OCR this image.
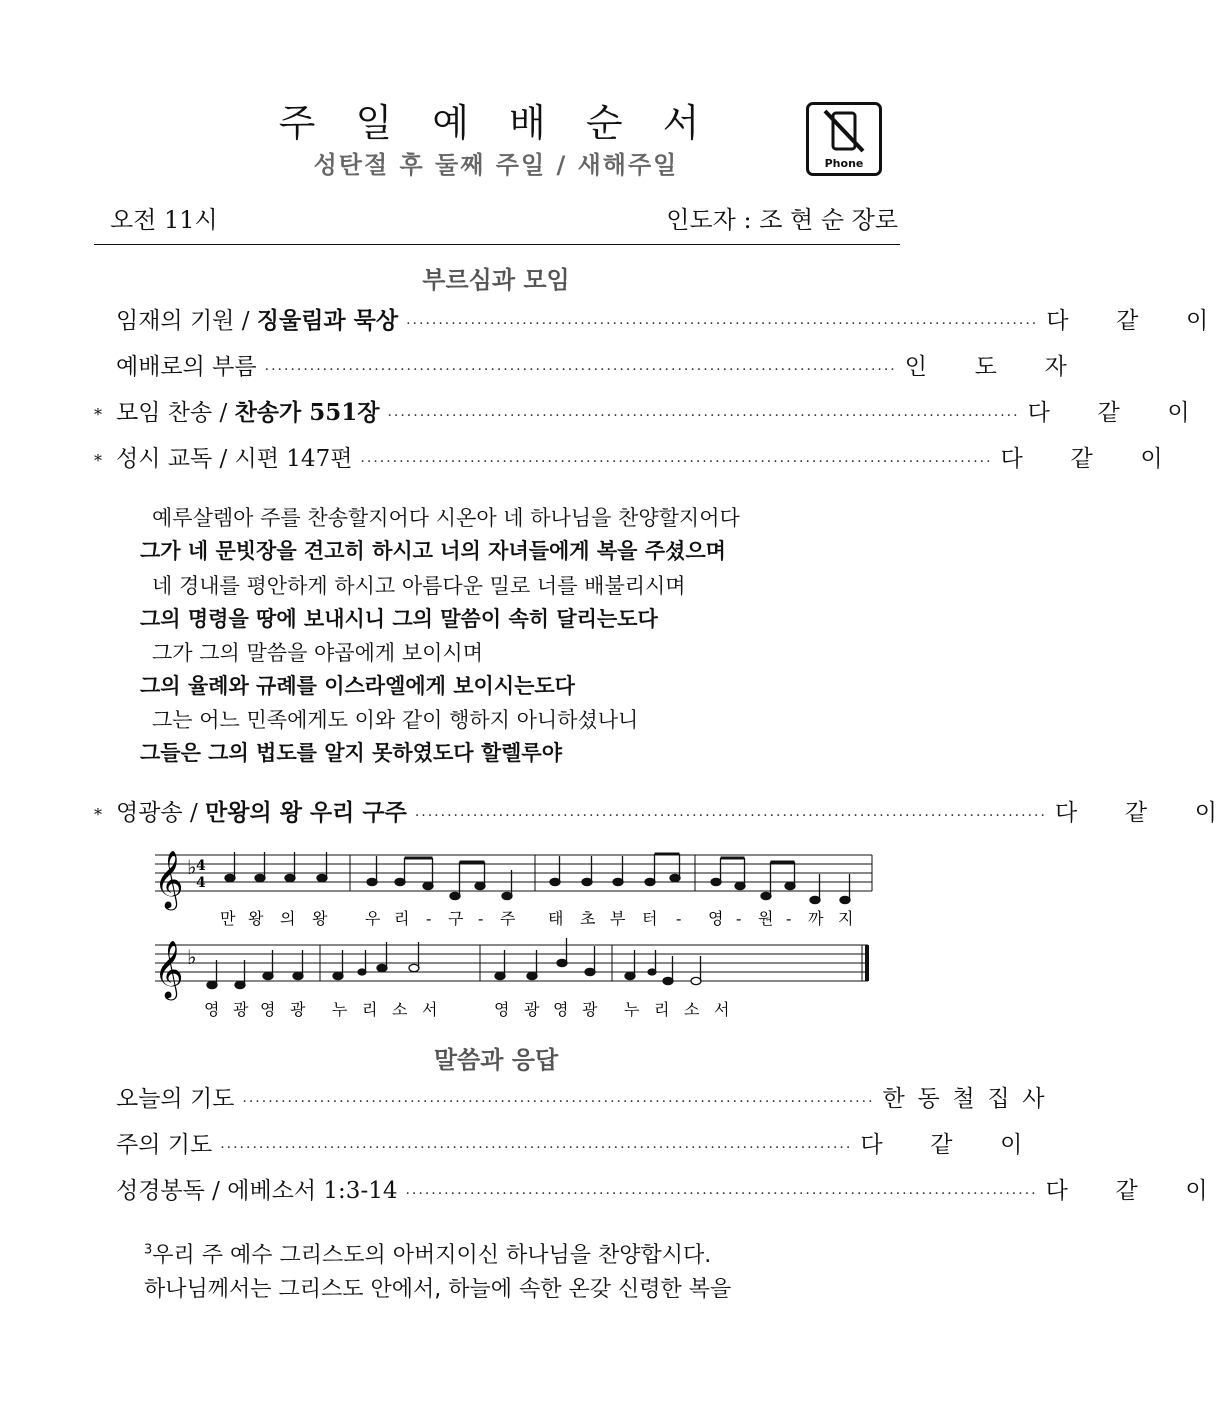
주 일 예 배 순 서
성탄절 후 둘째 주일 / 새해주일	Phone
오전 11시	인도자 : 조 현 순 장로
부르심과 모임
임재의 기원 / 징울림과 묵상 ·································································································· 다 같 이
예배로의 부름 ·································································································· 인 도 자
* 모임 찬송 / 찬송가 551장 ·································································································· 다 같 이
* 성시 교독 / 시편 147편 ·································································································· 다 같 이
예루살렘아 주를 찬송할지어다 시온아 네 하나님을 찬양할지어다
그가 네 문빗장을 견고히 하시고 너의 자녀들에게 복을 주셨으며
네 경내를 평안하게 하시고 아름다운 밀로 너를 배불리시며
그의 명령을 땅에 보내시니 그의 말씀이 속히 달리는도다
그가 그의 말씀을 야곱에게 보이시며
그의 율례와 규례를 이스라엘에게 보이시는도다
그는 어느 민족에게도 이와 같이 행하지 아니하셨나니
그들은 그의 법도를 알지 못하였도다 할렐루야
* 영광송 / 만왕의 왕 우리 구주 ·································································································· 다 같 이
𝄞 ♭ 4
4
만 왕 의 왕 우 리 - 구 - 주 태 초 부 터 - 영 - 원 - 까 지
𝄞 ♭
영 광 영 광 누 리 소 서	영 광 영 광 누 리 소 서
말씀과 응답
오늘의 기도 ·································································································· 한 동 철 집 사
주의 기도 ·································································································· 다 같 이
성경봉독 / 에베소서 1:3-14 ·································································································· 다 같 이
$^3$우리 주 예수 그리스도의 아버지이신 하나님을 찬양합시다.
하나님께서는 그리스도 안에서, 하늘에 속한 온갖 신령한 복을
